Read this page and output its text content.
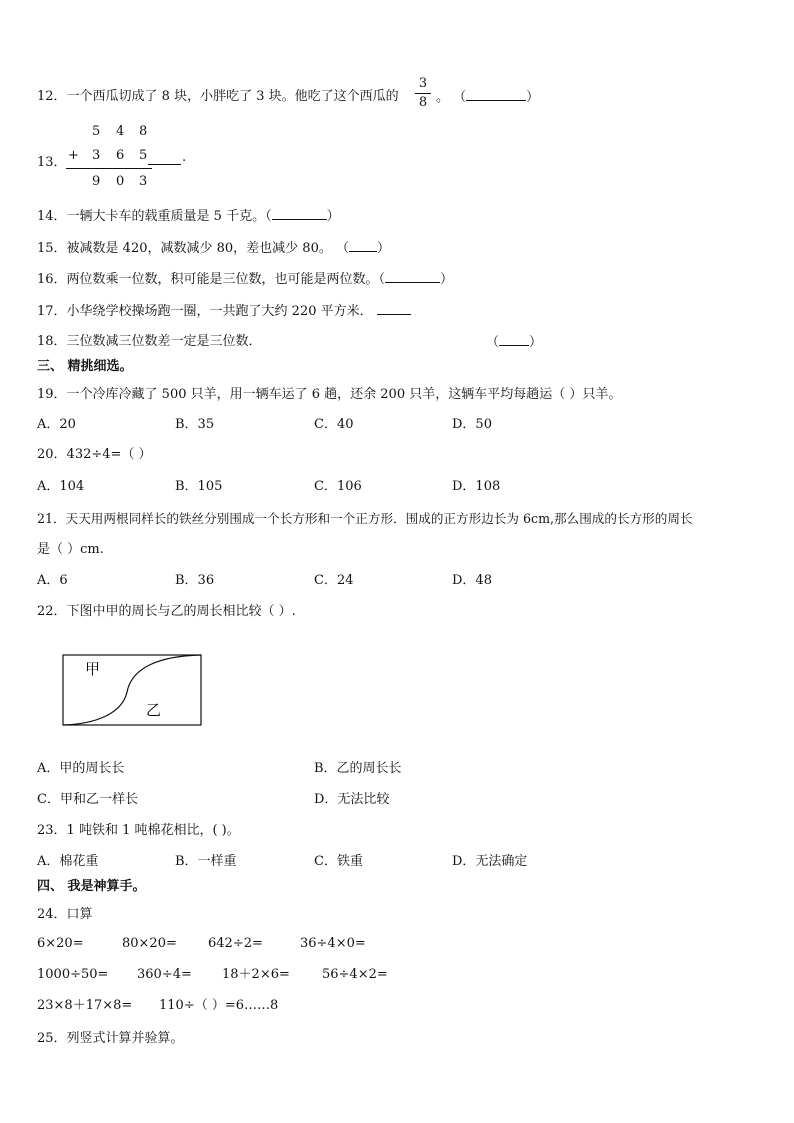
12．一个西瓜切成了 8 块，小胖吃了 3 块。他吃了这个西瓜的
3
8 。 （	）
13．
5 4 8
+ 3 6 5	.
9 0 3
14．一辆大卡车的载重质量是 5 千克。（	）
15．被减数是 420，减数减少 80，差也减少 80。 （ ）
16．两位数乘一位数，积可能是三位数，也可能是两位数。（	）
17．小华绕学校操场跑一圈，一共跑了大约 220 平方米．
18．三位数减三位数差一定是三位数．	（ ）
三、 精挑细选。
19．一个冷库冷藏了 500 只羊，用一辆车运了 6 趟，还余 200 只羊，这辆车平均每趟运（ ）只羊。
A．20	B．35	C．40	D．50
20．432÷4=（ ）
A．104	B．105	C．106	D．108
21．天天用两根同样长的铁丝分别围成一个长方形和一个正方形．围成的正方形边长为 6cm,那么围成的长方形的周长
是（ ）cm.
A．6	B．36	C．24	D．48
22．下图中甲的周长与乙的周长相比较（ ）.
甲
乙
A．甲的周长长	B．乙的周长长
C．甲和乙一样长	D．无法比较
23．1 吨铁和 1 吨棉花相比，( )。
A．棉花重	B．一样重	C．铁重	D．无法确定
四、 我是神算手。
24．口算
6×20=	80×20= 642÷2=	36÷4×0=
1000÷50= 360÷4= 18＋2×6= 56÷4×2=
23×8＋17×8= 110÷（ ）=6……8
25．列竖式计算并验算。
